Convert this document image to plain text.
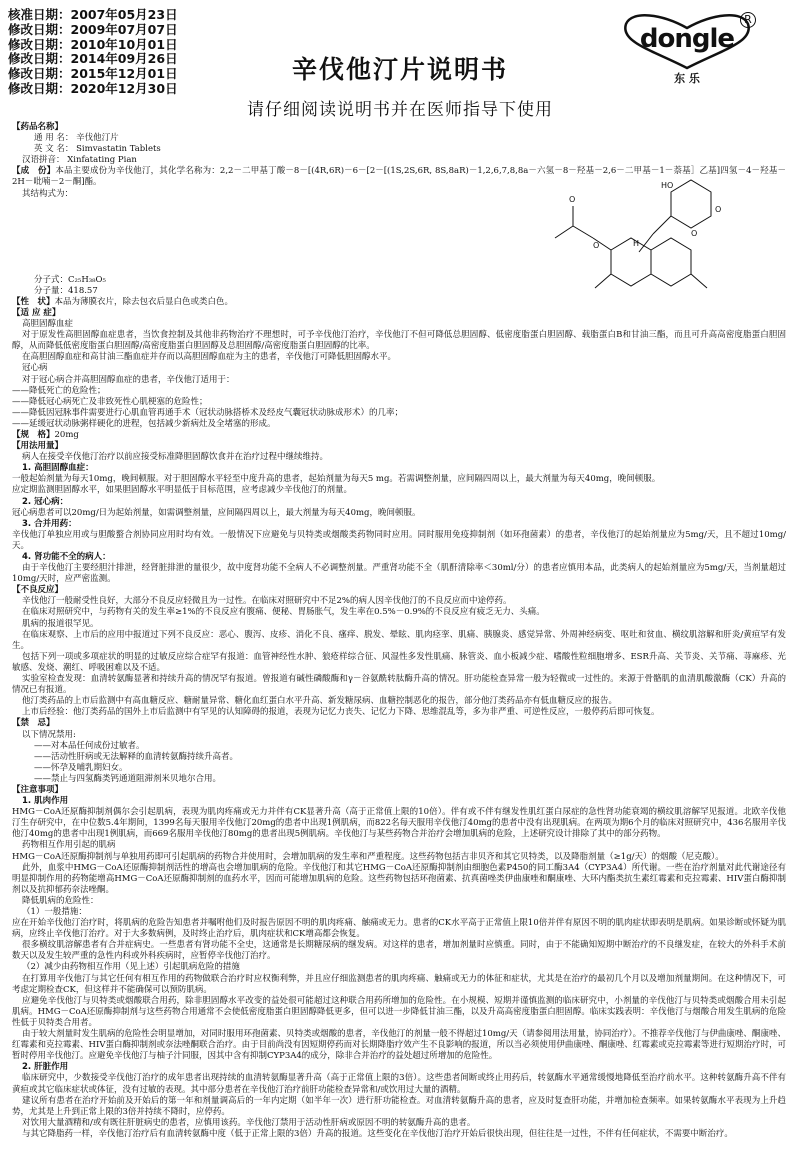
核准日期：2007年05月23日
修改日期：2009年07月07日
修改日期：2010年10月01日
修改日期：2014年09月26日
修改日期：2015年12月01日
修改日期：2020年12月30日
dongle
R
东 乐
辛伐他汀片说明书
请仔细阅读说明书并在医师指导下使用

【药品名称】

通 用 名： 辛伐他汀片

英 文 名： Simvastatin Tablets

汉语拼音： Xinfatating Pian

【成　份】本品主要成份为辛伐他汀，其化学名称为：2,2－二甲基丁酸－8－[(4R,6R)－6－[2－[(1S,2S,6R, 8S,8aR)－1,2,6,7,8,8a－六氢－8－羟基－2,6－二甲基－1－萘基］乙基]四氢－4－羟基－2H－吡喃－2－酮]酯。

其结构式为：

HO
O
O
O
O
H

分子式：C₂₅H₃₈O₅

分子量：418.57

【性　状】本品为薄膜衣片，除去包衣后显白色或类白色。

【适 应 症】

高胆固醇血症

对于原发性高胆固醇血症患者，当饮食控制及其他非药物治疗不理想时，可予辛伐他汀治疗，辛伐他汀不但可降低总胆固醇、低密度脂蛋白胆固醇、载脂蛋白B和甘油三酯，而且可升高高密度脂蛋白胆固醇，从而降低低密度脂蛋白胆固醇/高密度脂蛋白胆固醇及总胆固醇/高密度脂蛋白胆固醇的比率。

在高胆固醇血症和高甘油三酯血症并存而以高胆固醇血症为主的患者，辛伐他汀可降低胆固醇水平。

冠心病

对于冠心病合并高胆固醇血症的患者，辛伐他汀适用于：

——降低死亡的危险性；

——降低冠心病死亡及非致死性心肌梗塞的危险性；

——降低因冠脉事件需要进行心肌血管再通手术（冠状动脉搭桥术及经皮气囊冠状动脉成形术）的几率；

——延缓冠状动脉粥样硬化的进程，包括减少新病灶及全堵塞的形成。

【规　格】20mg

【用法用量】

病人在接受辛伐他汀治疗以前应接受标准降胆固醇饮食并在治疗过程中继续维持。

1. 高胆固醇血症：

一般起始剂量为每天10mg，晚间顿服。对于胆固醇水平轻至中度升高的患者，起始剂量为每天5 mg。若需调整剂量，应间隔四周以上，最大剂量为每天40mg，晚间顿服。

应定期监测胆固醇水平，如果胆固醇水平明显低于目标范围，应考虑减少辛伐他汀的剂量。

2. 冠心病：

冠心病患者可以20mg/日为起始剂量，如需调整剂量，应间隔四周以上，最大剂量为每天40mg，晚间顿服。

3. 合并用药：

辛伐他汀单独应用或与胆酸螯合剂协同应用时均有效。一般情况下应避免与贝特类或烟酸类药物同时应用。同时服用免疫抑制剂（如环孢菌素）的患者，辛伐他汀的起始剂量应为5mg/天，且不超过10mg/天。

4. 肾功能不全的病人：

由于辛伐他汀主要经胆汁排泄，经肾脏排泄的量很少，故中度肾功能不全病人不必调整剂量。严重肾功能不全（肌酐清除率＜30ml/分）的患者应慎用本品，此类病人的起始剂量应为5mg/天，当剂量超过10mg/天时，应严密监测。

【不良反应】

辛伐他汀一般耐受性良好，大部分不良反应轻微且为一过性。在临床对照研究中不足2%的病人因辛伐他汀的不良反应而中途停药。

在临床对照研究中，与药物有关的发生率≥1%的不良反应有腹痛、便秘、胃肠胀气，发生率在0.5%－0.9%的不良反应有疲乏无力、头痛。

肌病的报道很罕见。

在临床观察、上市后的应用中报道过下列不良反应：恶心、腹泻、皮疹、消化不良、瘙痒、脱发、晕眩、肌肉痉挛、肌痛、胰腺炎、感觉异常、外周神经病变、呕吐和贫血、横纹肌溶解和肝炎/黄疸罕有发生。

包括下列一项或多项症状的明显的过敏反应综合症罕有报道：血管神经性水肿、狼疮样综合征、风湿性多发性肌痛、脉管炎、血小板减少症、嗜酸性粒细胞增多、ESR升高、关节炎、关节痛、荨麻疹、光敏感、发烧、潮红、呼吸困难以及不适。

实验室检查发现：血清转氨酶显著和持续升高的情况罕有报道。曾报道有碱性磷酸酶和γ－谷氨酰转肽酶升高的情况。肝功能检查异常一般为轻微或一过性的。来源于骨骼肌的血清肌酸激酶（CK）升高的情况已有报道。

他汀类药品的上市后监测中有高血糖反应、糖耐量异常、糖化血红蛋白水平升高、新发糖尿病、血糖控制恶化的报告，部分他汀类药品亦有低血糖反应的报告。

上市后经验：他汀类药品的国外上市后监测中有罕见的认知障碍的报道，表现为记忆力丧失、记忆力下降、思维混乱等，多为非严重、可逆性反应，一般停药后即可恢复。

【禁　忌】

以下情况禁用:

——对本品任何成份过敏者。

——活动性肝病或无法解释的血清转氨酶持续升高者。

——怀孕及哺乳期妇女。

——禁止与四氢酶类钙通道阻滞剂米贝地尔合用。

【注意事项】

1. 肌肉作用

HMG－CoA还原酶抑制剂偶尔会引起肌病，表现为肌肉疼痛或无力并伴有CK显著升高（高于正常值上限的10倍）。伴有或不伴有继发性肌红蛋白尿症的急性肾功能衰竭的横纹肌溶解罕见报道。北欧辛伐他汀生存研究中，在中位数5.4年期间，1399名每天服用辛伐他汀20mg的患者中出现1例肌病，而822名每天服用辛伐他汀40mg的患者中没有出现肌病。在两项为期6个月的临床对照研究中，436名服用辛伐他汀40mg的患者中出现1例肌病，而669名服用辛伐他汀80mg的患者出现5例肌病。辛伐他汀与某些药物合并治疗会增加肌病的危险，上述研究设计排除了其中的部分药物。

药物相互作用引起的肌病

HMG－CoA还原酶抑制剂与单独用药即可引起肌病的药物合并使用时，会增加肌病的发生率和严重程度。这些药物包括吉非贝齐和其它贝特类，以及降脂剂量（≥1g/天）的烟酸（尼克酸）。

此外，血浆中HMG－CoA还原酶抑制剂活性的增高也会增加肌病的危险。辛伐他汀和其它HMG－CoA还原酶抑制剂由细胞色素P450的同工酶3A4（CYP3A4）所代谢。一些在治疗剂量对此代谢途径有明显抑制作用的药物能增高HMG－CoA还原酶抑制剂的血药水平，因而可能增加肌病的危险。这些药物包括环孢菌素、抗真菌唑类伊曲康唑和酮康唑、大环内酯类抗生素红霉素和克拉霉素、HIV蛋白酶抑制剂以及抗抑郁药奈法唑酮。

降低肌病的危险性：

（1）一般措施：

应在开始辛伐他汀治疗时，将肌病的危险告知患者并嘱咐他们及时报告原因不明的肌肉疼痛、触痛或无力。患者的CK水平高于正常值上限10倍并伴有原因不明的肌肉症状即表明是肌病。如果诊断或怀疑为肌病，应终止辛伐他汀治疗。对于大多数病例，及时终止治疗后，肌肉症状和CK增高都会恢复。

很多横纹肌溶解患者有合并症病史。一些患者有肾功能不全史，这通常是长期糖尿病的继发病。对这样的患者，增加剂量时应慎重。同时，由于不能确知短期中断治疗的不良继发症，在较大的外科手术前数天以及发生较严重的急性内科或外科疾病时，应暂停辛伐他汀治疗。

（2）减少由药物相互作用（见上述）引起肌病危险的措施

在打算用辛伐他汀与其它任何有相互作用的药物做联合治疗时应权衡利弊，并且应仔细监测患者的肌肉疼痛、触痛或无力的体征和症状，尤其是在治疗的最初几个月以及增加剂量期间。在这种情况下，可考虑定期检查CK，但这样并不能确保可以预防肌病。

应避免辛伐他汀与贝特类或烟酸联合用药，除非胆固醇水平改变的益处很可能超过这种联合用药所增加的危险性。在小规模、短期并谨慎监测的临床研究中，小剂量的辛伐他汀与贝特类或烟酸合用未引起肌病。HMG－CoA还原酶抑制剂与这些药物合用通常不会使低密度脂蛋白胆固醇降低更多，但可以进一步降低甘油三酯，以及升高高密度脂蛋白胆固醇。临床实践表明：辛伐他汀与烟酸合用发生肌病的危险性低于贝特类合用者。

由于较大剂量时发生肌病的危险性会明显增加，对同时服用环孢菌素、贝特类或烟酸的患者，辛伐他汀的剂量一般不得超过10mg/天（请参阅用法用量，协同治疗）。不推荐辛伐他汀与伊曲康唑、酮康唑、红霉素和克拉霉素、HIV蛋白酶抑制剂或奈法唑酮联合治疗。由于目前尚没有因短期停药而对长期降脂疗效产生不良影响的报道，所以当必须使用伊曲康唑、酮康唑、红霉素或克拉霉素等进行短期治疗时，可暂时停用辛伐他汀。应避免辛伐他汀与柚子汁同服，因其中含有抑制CYP3A4的成分，除非合并治疗的益处超过所增加的危险性。

2. 肝脏作用

临床研究中，少数接受辛伐他汀治疗的成年患者出现持续的血清转氨酶显著升高（高于正常值上限的3倍）。这些患者间断或终止用药后，转氨酶水平通常缓慢地降低至治疗前水平。这种转氨酶升高不伴有黄疸或其它临床症状或体征，没有过敏的表现。其中部分患者在辛伐他汀治疗前肝功能检查异常和/或饮用过大量的酒精。

建议所有患者在治疗开始前及开始后的第一年和剂量调高后的一年内定期（如半年一次）进行肝功能检查。对血清转氨酶升高的患者，应及时复查肝功能，并增加检查频率。如果转氨酶水平表现为上升趋势，尤其是上升到正常上限的3倍并持续不降时，应停药。

对饮用大量酒精和/或有既往肝脏病史的患者，应慎用该药。辛伐他汀禁用于活动性肝病或原因不明的转氨酶升高的患者。

与其它降脂药一样，辛伐他汀治疗后有血清转氨酶中度（低于正常上限的3倍）升高的报道。这些变化在辛伐他汀治疗开始后很快出现，但往往是一过性，不伴有任何症状，不需要中断治疗。
